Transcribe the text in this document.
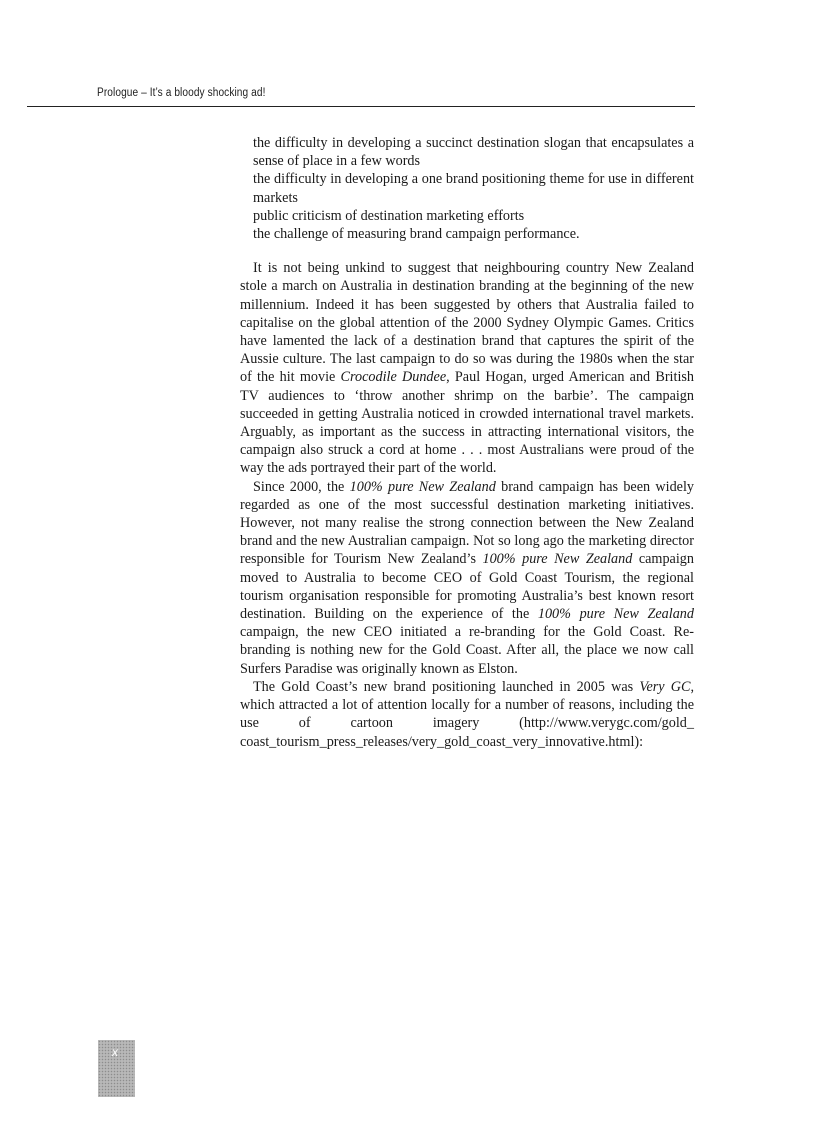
Prologue – It’s a bloody shocking ad!
the difficulty in developing a succinct destination slogan that encapsulates a sense of place in a few words
the difficulty in developing a one brand positioning theme for use in different markets
public criticism of destination marketing efforts
the challenge of measuring brand campaign performance.

It is not being unkind to suggest that neighbouring country New Zealand stole a march on Australia in destination branding at the beginning of the new millennium. Indeed it has been suggested by others that Australia failed to capitalise on the global attention of the 2000 Sydney Olympic Games. Critics have lamented the lack of a destination brand that captures the spirit of the Aussie culture. The last campaign to do so was during the 1980s when the star of the hit movie Crocodile Dundee, Paul Hogan, urged American and British TV audiences to ‘throw another shrimp on the barbie’. The campaign succeeded in getting Australia noticed in crowded international travel markets. Arguably, as important as the success in attracting international visitors, the campaign also struck a cord at home . . . most Australians were proud of the way the ads portrayed their part of the world.

Since 2000, the 100% pure New Zealand brand campaign has been widely regarded as one of the most successful destination marketing initiatives. However, not many realise the strong connection between the New Zealand brand and the new Australian campaign. Not so long ago the marketing director responsible for Tourism New Zealand’s 100% pure New Zealand campaign moved to Australia to become CEO of Gold Coast Tourism, the regional tourism organisation responsible for promoting Australia’s best known resort destination. Building on the experience of the 100% pure New Zealand campaign, the new CEO initiated a re-branding for the Gold Coast. Re-branding is nothing new for the Gold Coast. After all, the place we now call Surfers Paradise was originally known as Elston.

The Gold Coast’s new brand positioning launched in 2005 was Very GC, which attracted a lot of attention locally for a number of reasons, including the use of cartoon imagery (http://www.verygc.com/gold_ coast_tourism_press_releases/very_gold_coast_very_innovative.html):

x
